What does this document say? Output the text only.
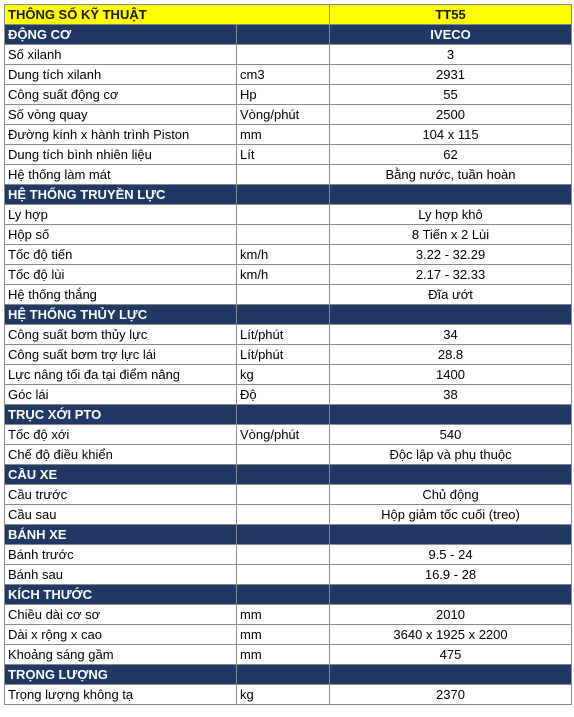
THÔNG SỐ KỸ THUẬT		TT55
ĐỘNG CƠ		IVECO
Số xilanh		3
Dung tích xilanh	cm3	2931
Công suất động cơ	Hp	55
Số vòng quay	Vòng/phút	2500
Đường kính x hành trình Piston	mm	104 x 115
Dung tích bình nhiên liệu	Lít	62
Hệ thống làm mát		Bằng nước, tuần hoàn
HỆ THỐNG TRUYỀN LỰC		
Ly hợp		Ly hợp khô
Hộp số		8 Tiến x 2 Lùi
Tốc độ tiến	km/h	3.22 - 32.29
Tốc độ lùi	km/h	2.17 - 32.33
Hệ thống thắng		Đĩa ướt
HỆ THỐNG THỦY LỰC		
Công suất bơm thủy lực	Lít/phút	34
Công suất bơm trợ lực lái	Lít/phút	28.8
Lực nâng tối đa tại điểm nâng	kg	1400
Góc lái	Độ	38
TRỤC XỚI PTO		
Tốc độ xới	Vòng/phút	540
Chế độ điều khiển		Độc lập và phụ thuộc
CẦU XE		
Cầu trước		Chủ động
Cầu sau		Hộp giảm tốc cuối (treo)
BÁNH XE		
Bánh trước		9.5 - 24
Bánh sau		16.9 - 28
KÍCH THƯỚC		
Chiều dài cơ sơ	mm	2010
Dài x rộng x cao	mm	3640 x 1925 x 2200
Khoảng sáng gầm	mm	475
TRỌNG LƯỢNG		
Trọng lượng không tạ	kg	2370
